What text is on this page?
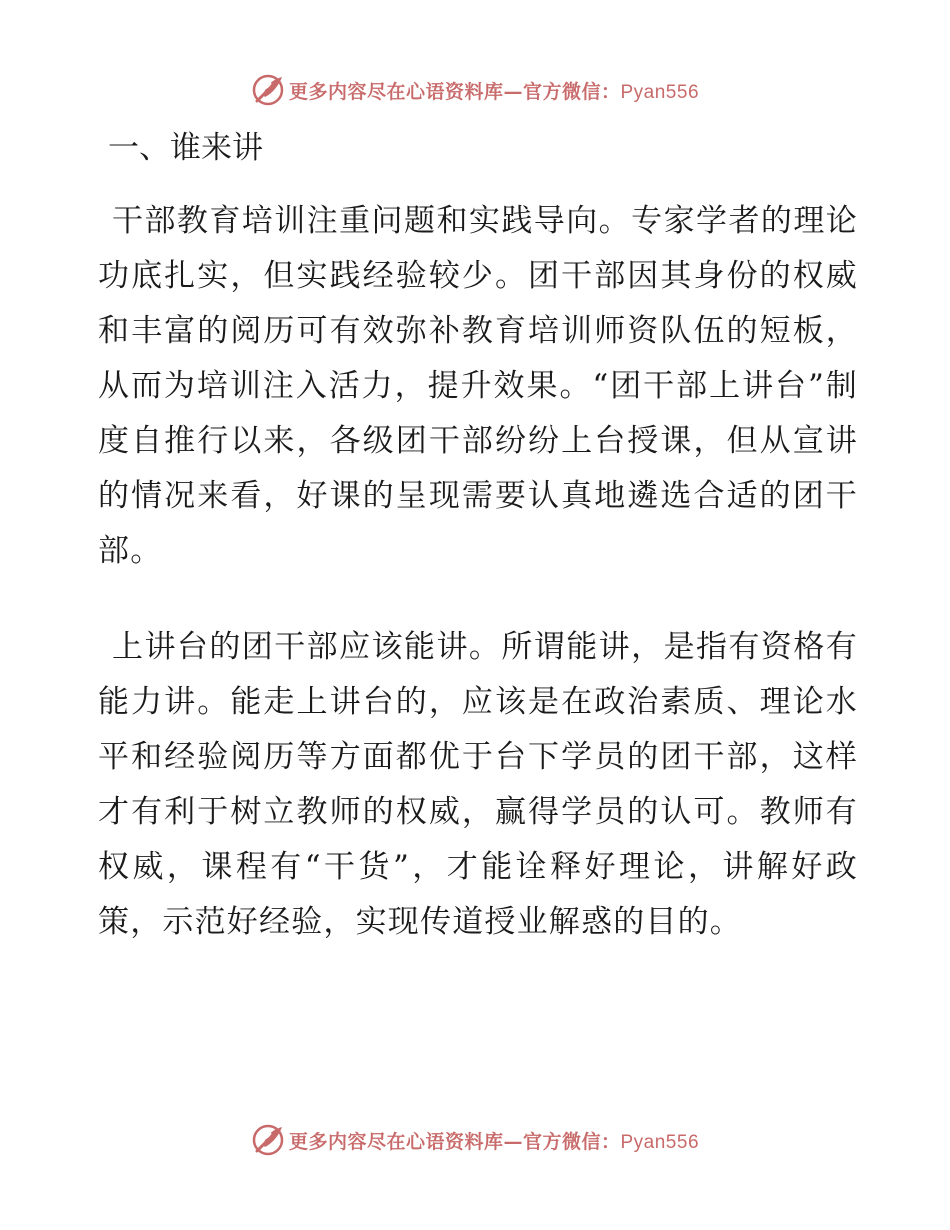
更多内容尽在心语资料库—官方微信：Pyan556
一、谁来讲

干部教育培训注重问题和实践导向。专家学者的理论功底扎实，但实践经验较少。团干部因其身份的权威和丰富的阅历可有效弥补教育培训师资队伍的短板，从而为培训注入活力，提升效果。“团干部上讲台”制度自推行以来，各级团干部纷纷上台授课，但从宣讲的情况来看，好课的呈现需要认真地遴选合适的团干部。

上讲台的团干部应该能讲。所谓能讲，是指有资格有能力讲。能走上讲台的，应该是在政治素质、理论水平和经验阅历等方面都优于台下学员的团干部，这样才有利于树立教师的权威，赢得学员的认可。教师有权威，课程有“干货”，才能诠释好理论，讲解好政策，示范好经验，实现传道授业解惑的目的。

更多内容尽在心语资料库—官方微信：Pyan556
